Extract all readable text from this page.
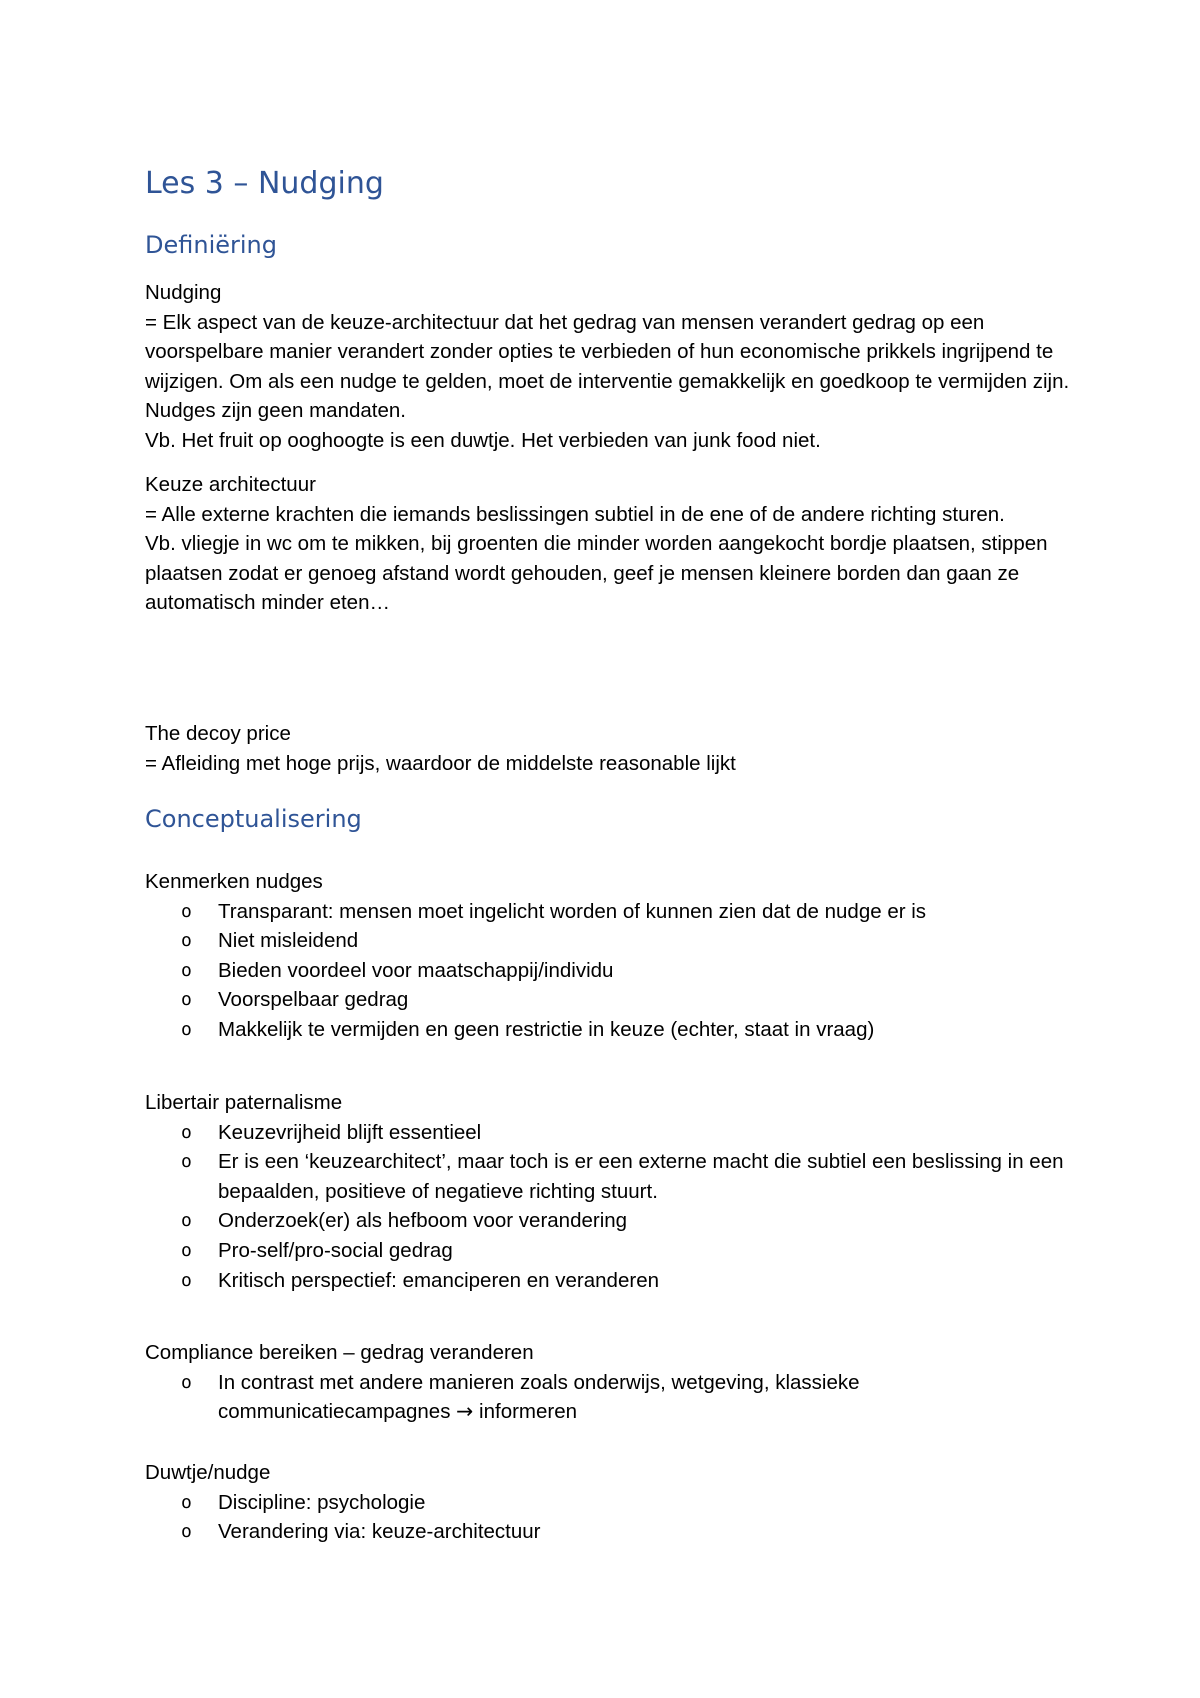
Les 3 – Nudging
Definiëring

Nudging

= Elk aspect van de keuze-architectuur dat het gedrag van mensen verandert gedrag op een voorspelbare manier verandert zonder opties te verbieden of hun economische prikkels ingrijpend te wijzigen. Om als een nudge te gelden, moet de interventie gemakkelijk en goedkoop te vermijden zijn. Nudges zijn geen mandaten.

Vb. Het fruit op ooghoogte is een duwtje. Het verbieden van junk food niet.

Keuze architectuur

= Alle externe krachten die iemands beslissingen subtiel in de ene of de andere richting sturen.

Vb. vliegje in wc om te mikken, bij groenten die minder worden aangekocht bordje plaatsen, stippen plaatsen zodat er genoeg afstand wordt gehouden, geef je mensen kleinere borden dan gaan ze automatisch minder eten…

The decoy price

= Afleiding met hoge prijs, waardoor de middelste reasonable lijkt

Conceptualisering

Kenmerken nudges

o Transparant: mensen moet ingelicht worden of kunnen zien dat de nudge er is
o Niet misleidend
o Bieden voordeel voor maatschappij/individu
o Voorspelbaar gedrag
o Makkelijk te vermijden en geen restrictie in keuze (echter, staat in vraag)

Libertair paternalisme

o Keuzevrijheid blijft essentieel
o Er is een ‘keuzearchitect’, maar toch is er een externe macht die subtiel een beslissing in een bepaalden, positieve of negatieve richting stuurt.
o Onderzoek(er) als hefboom voor verandering
o Pro-self/pro-social gedrag
o Kritisch perspectief: emanciperen en veranderen

Compliance bereiken – gedrag veranderen

o In contrast met andere manieren zoals onderwijs, wetgeving, klassieke communicatiecampagnes → informeren

Duwtje/nudge

o Discipline: psychologie
o Verandering via: keuze-architectuur
